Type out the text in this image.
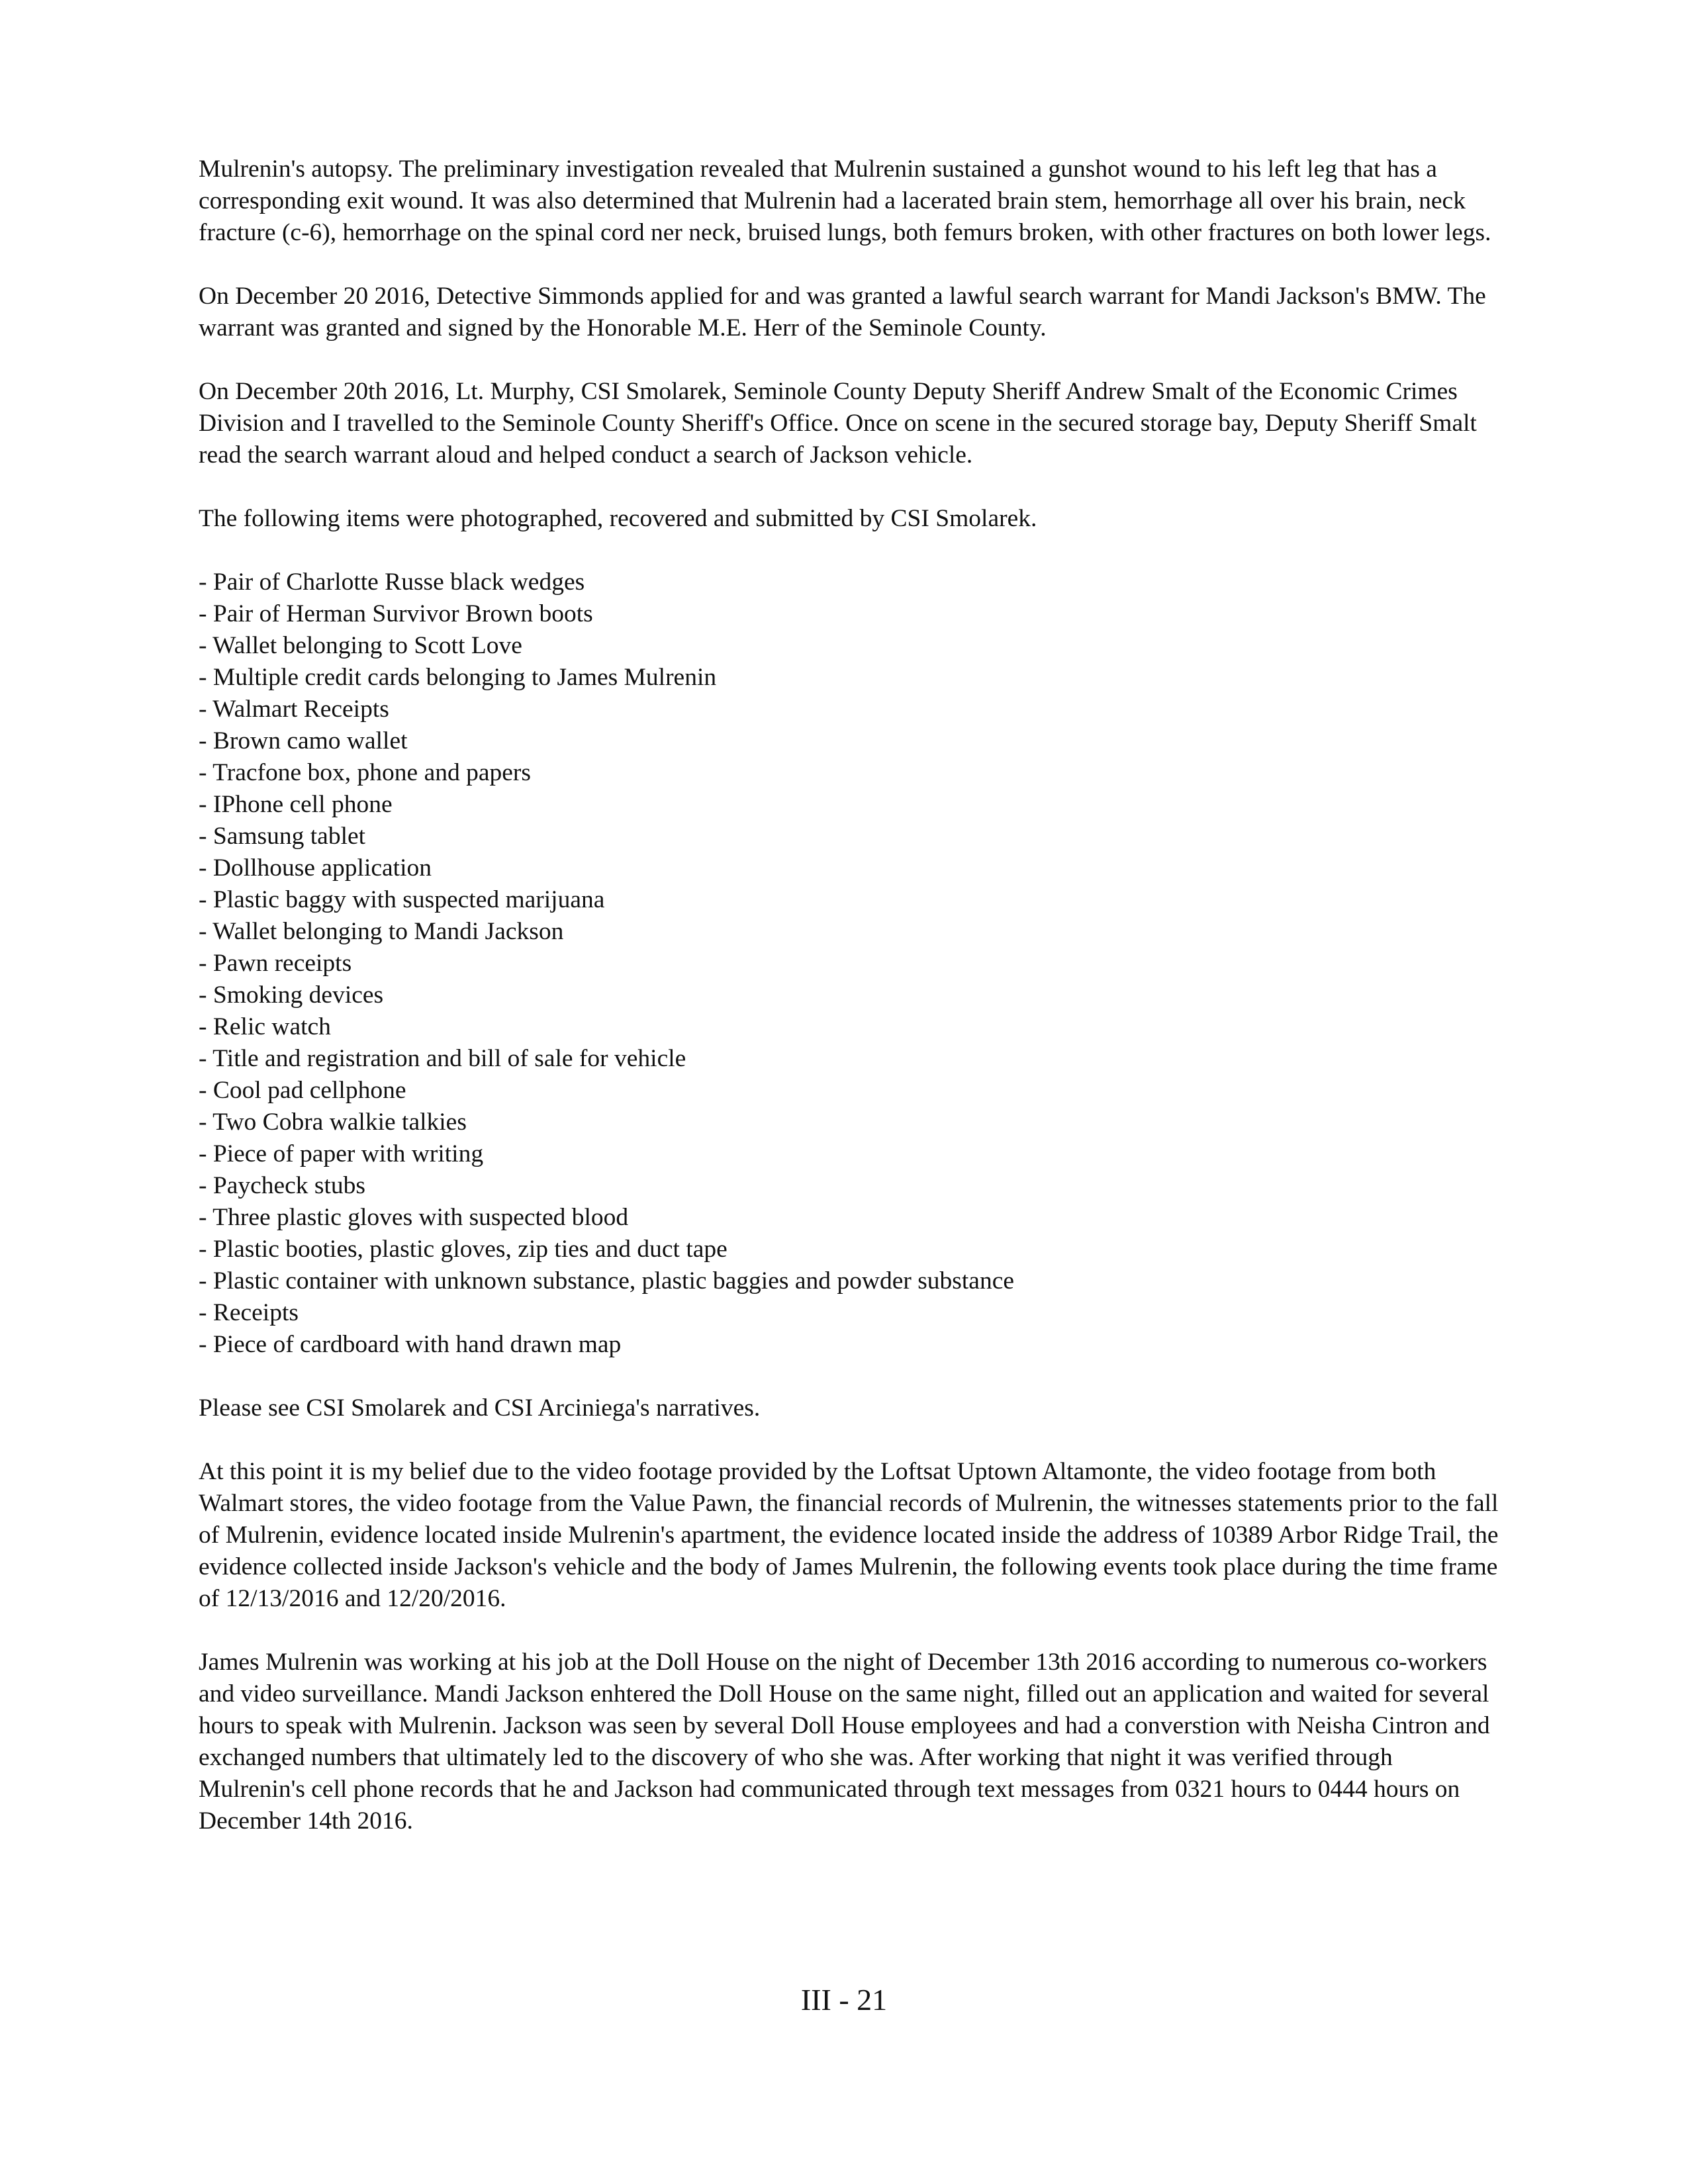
Mulrenin's autopsy. The preliminary investigation revealed that Mulrenin sustained a gunshot wound to his left leg that has a corresponding exit wound. It was also determined that Mulrenin had a lacerated brain stem, hemorrhage all over his brain, neck fracture (c-6), hemorrhage on the spinal cord ner neck, bruised lungs, both femurs broken, with other fractures on both lower legs.

On December 20 2016, Detective Simmonds applied for and was granted a lawful search warrant for Mandi Jackson's BMW. The warrant was granted and signed by the Honorable M.E. Herr of the Seminole County.

On December 20th 2016, Lt. Murphy, CSI Smolarek, Seminole County Deputy Sheriff Andrew Smalt of the Economic Crimes Division and I travelled to the Seminole County Sheriff's Office. Once on scene in the secured storage bay, Deputy Sheriff Smalt read the search warrant aloud and helped conduct a search of Jackson vehicle.

The following items were photographed, recovered and submitted by CSI Smolarek.

- Pair of Charlotte Russe black wedges
- Pair of Herman Survivor Brown boots
- Wallet belonging to Scott Love
- Multiple credit cards belonging to James Mulrenin
- Walmart Receipts
- Brown camo wallet
- Tracfone box, phone and papers
- IPhone cell phone
- Samsung tablet
- Dollhouse application
- Plastic baggy with suspected marijuana
- Wallet belonging to Mandi Jackson
- Pawn receipts
- Smoking devices
- Relic watch
- Title and registration and bill of sale for vehicle
- Cool pad cellphone
- Two Cobra walkie talkies
- Piece of paper with writing
- Paycheck stubs
- Three plastic gloves with suspected blood
- Plastic booties, plastic gloves, zip ties and duct tape
- Plastic container with unknown substance, plastic baggies and powder substance
- Receipts
- Piece of cardboard with hand drawn map

Please see CSI Smolarek and CSI Arciniega's narratives.

At this point it is my belief due to the video footage provided by the Loftsat Uptown Altamonte, the video footage from both Walmart stores, the video footage from the Value Pawn, the financial records of Mulrenin, the witnesses statements prior to the fall of Mulrenin, evidence located inside Mulrenin's apartment, the evidence located inside the address of 10389 Arbor Ridge Trail, the evidence collected inside Jackson's vehicle and the body of James Mulrenin, the following events took place during the time frame of 12/13/2016 and 12/20/2016.

James Mulrenin was working at his job at the Doll House on the night of December 13th 2016 according to numerous co-workers and video surveillance. Mandi Jackson enhtered the Doll House on the same night, filled out an application and waited for several hours to speak with Mulrenin. Jackson was seen by several Doll House employees and had a converstion with Neisha Cintron and exchanged numbers that ultimately led to the discovery of who she was. After working that night it was verified through Mulrenin's cell phone records that he and Jackson had communicated through text messages from 0321 hours to 0444 hours on December 14th 2016.

III - 21
